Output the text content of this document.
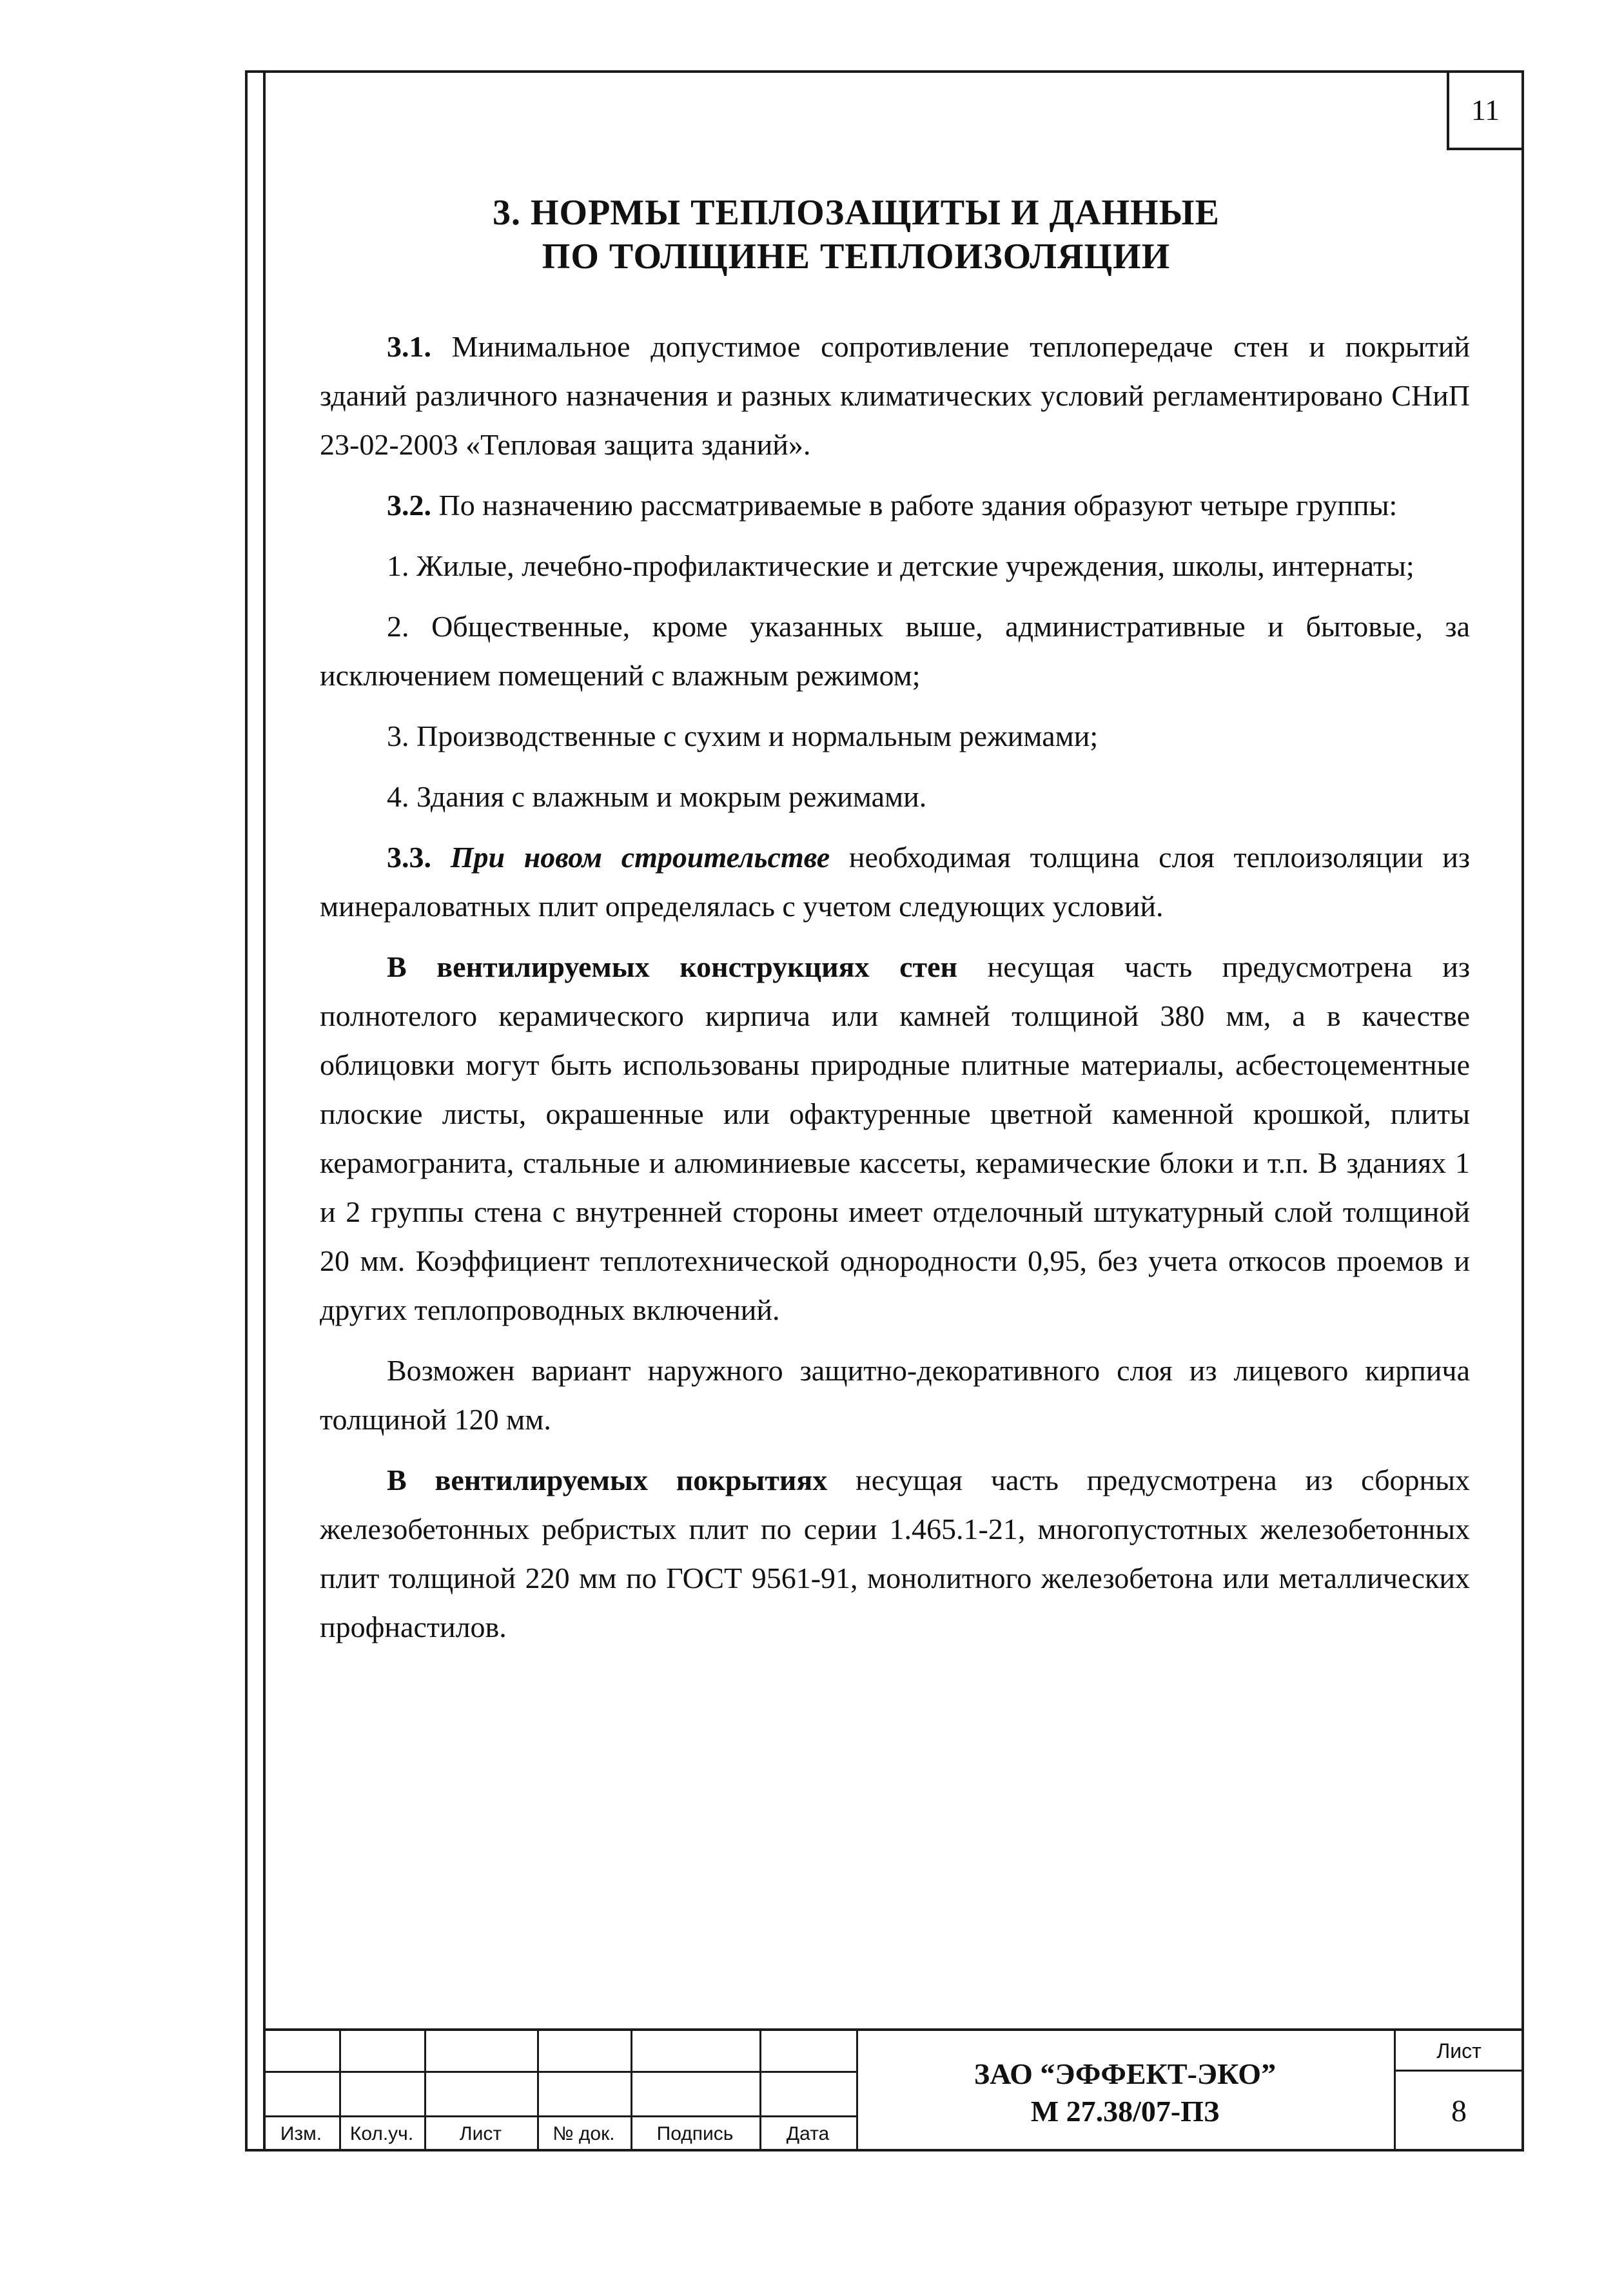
11
3. НОРМЫ ТЕПЛОЗАЩИТЫ И ДАННЫЕ
ПО ТОЛЩИНЕ ТЕПЛОИЗОЛЯЦИИ

3.1. Минимальное допустимое сопротивление теплопередаче стен и покрытий зданий различного назначения и разных климатических условий регламентировано СНиП 23-02-2003 «Тепловая защита зданий».

3.2. По назначению рассматриваемые в работе здания образуют четыре группы:

1. Жилые, лечебно-профилактические и детские учреждения, школы, интернаты;

2. Общественные, кроме указанных выше, административные и бытовые, за исключением помещений с влажным режимом;

3. Производственные с сухим и нормальным режимами;

4. Здания с влажным и мокрым режимами.

3.3. При новом строительстве необходимая толщина слоя теплоизоляции из минераловатных плит определялась с учетом следующих условий.

В вентилируемых конструкциях стен несущая часть предусмотрена из полнотелого керамического кирпича или камней толщиной 380 мм, а в качестве облицовки могут быть использованы природные плитные материалы, асбестоцементные плоские листы, окрашенные или офактуренные цветной каменной крошкой, плиты керамогранита, стальные и алюминиевые кассеты, керамические блоки и т.п. В зданиях 1 и 2 группы стена с внутренней стороны имеет отделочный штукатурный слой толщиной 20 мм. Коэффициент теплотехнической однородности 0,95, без учета откосов проемов и других теплопроводных включений.

Возможен вариант наружного защитно-декоративного слоя из лицевого кирпича толщиной 120 мм.

В вентилируемых покрытиях несущая часть предусмотрена из сборных железобетонных ребристых плит по серии 1.465.1-21, многопустотных железобетонных плит толщиной 220 мм по ГОСТ 9561-91, монолитного железобетона или металлических профнастилов.

Изм.	Кол.уч.	Лист	№ док.	Подпись	Дата
ЗАО “ЭФФЕКТ-ЭКО”
М 27.38/07-ПЗ
Лист
8
